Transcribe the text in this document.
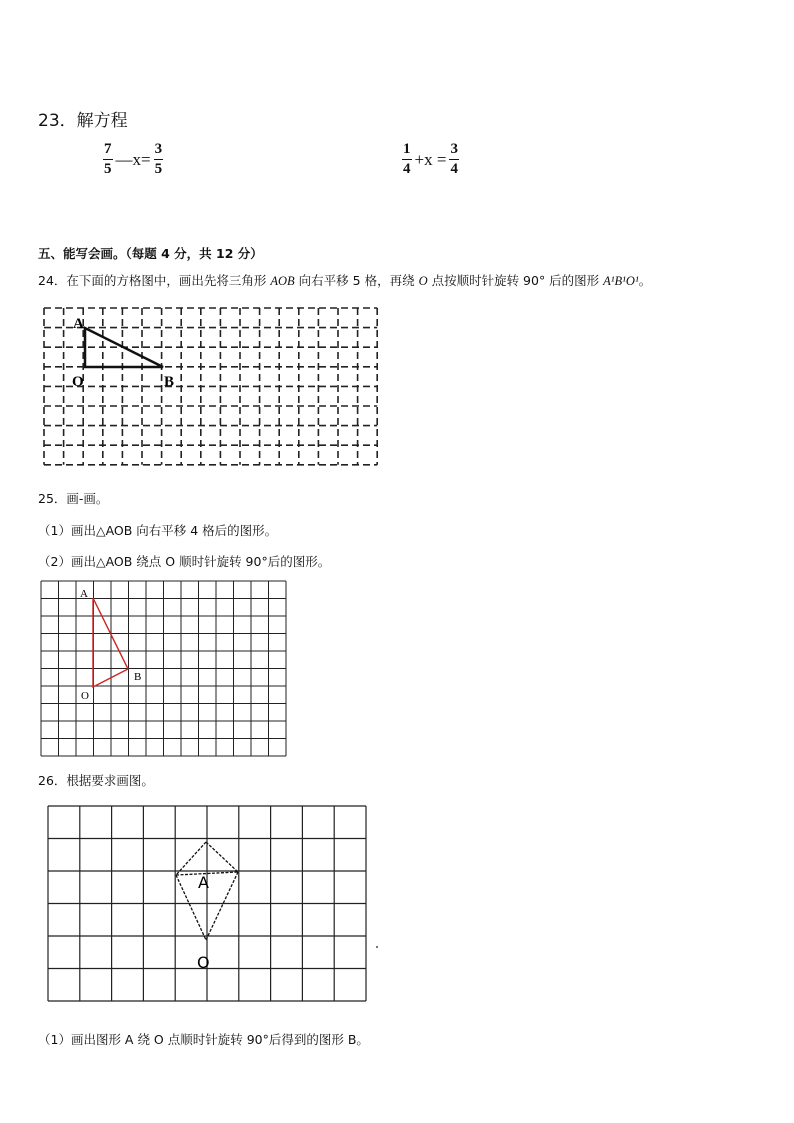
23．解方程
$\frac{7}{5}$ —x= $\frac{3}{5}$	$\frac{1}{4} +x = \frac{3}{4}$
五、能写会画。（每题 4 分，共 12 分）
24．在下面的方格图中，画出先将三角形 AOB 向右平移 5 格，再绕 O 点按顺时针旋转 90° 后的图形 A¹B¹O¹。
A
O	B
25．画-画。
（1）画出△AOB 向右平移 4 格后的图形。
（2）画出△AOB 绕点 O 顺时针旋转 90°后的图形。
A
O
B
26．根据要求画图。
A
O
（1）画出图形 A 绕 O 点顺时针旋转 90°后得到的图形 B。
